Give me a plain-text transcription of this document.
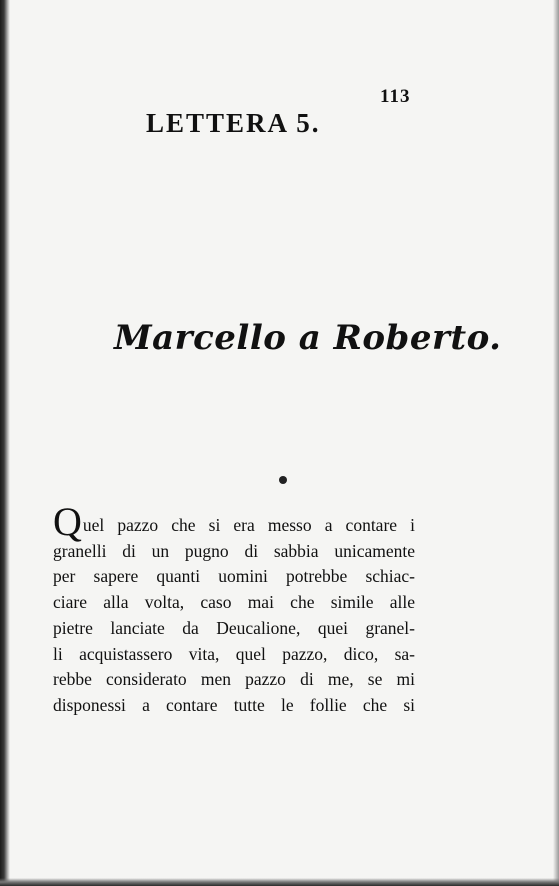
113
LETTERA 5.
Marcello a Roberto.
Quel pazzo che si era messo a contare i
granelli di un pugno di sabbia unicamente
per sapere quanti uomini potrebbe schiac-
ciare alla volta, caso mai che simile alle
pietre lanciate da Deucalione, quei granel-
li acquistassero vita, quel pazzo, dico, sa-
rebbe considerato men pazzo di me, se mi
disponessi a contare tutte le follie che si
